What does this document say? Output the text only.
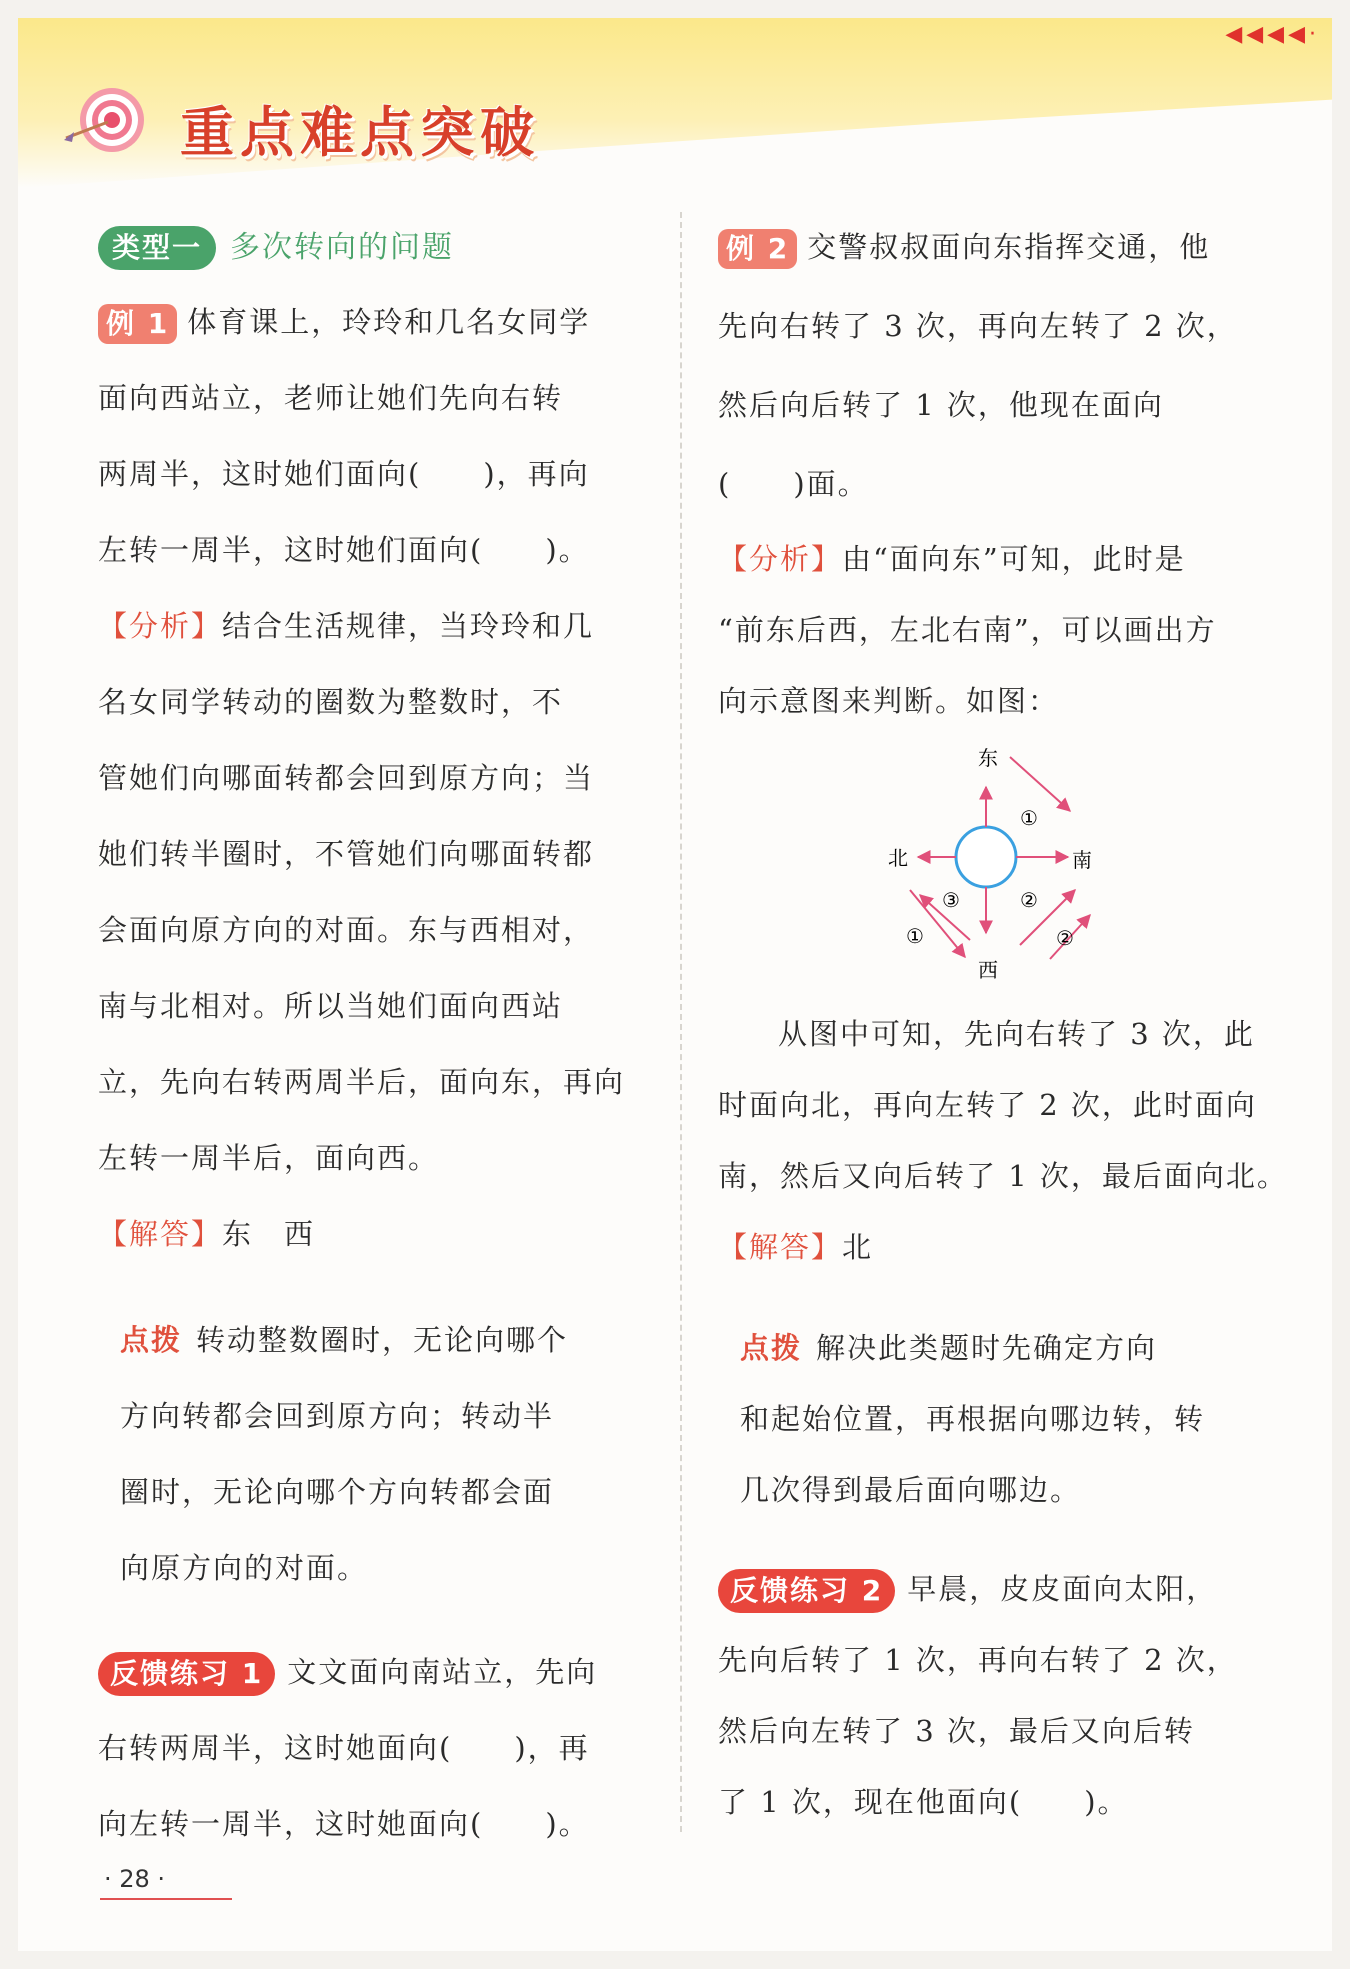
◀◀◀◀·
重点难点突破
类型一 多次转向的问题
例 1 体育课上，玲玲和几名女同学
面向西站立，老师让她们先向右转
两周半，这时她们面向(　　)，再向
左转一周半，这时她们面向(　　)。
【分析】结合生活规律，当玲玲和几
名女同学转动的圈数为整数时，不
管她们向哪面转都会回到原方向；当
她们转半圈时，不管她们向哪面转都
会面向原方向的对面。东与西相对，
南与北相对。所以当她们面向西站
立，先向右转两周半后，面向东，再向
左转一周半后，面向西。
【解答】东　西
点拨 转动整数圈时，无论向哪个
方向转都会回到原方向；转动半
圈时，无论向哪个方向转都会面
向原方向的对面。
反馈练习 1 文文面向南站立，先向
右转两周半，这时她面向(　　)，再
向左转一周半，这时她面向(　　)。
例 2 交警叔叔面向东指挥交通，他
先向右转了 3 次，再向左转了 2 次，
然后向后转了 1 次，他现在面向
(　　)面。
【分析】由“面向东”可知，此时是
“前东后西，左北右南”，可以画出方
向示意图来判断。如图：
从图中可知，先向右转了 3 次，此
时面向北，再向左转了 2 次，此时面向
南，然后又向后转了 1 次，最后面向北。
【解答】北
点拨 解决此类题时先确定方向
和起始位置，再根据向哪边转，转
几次得到最后面向哪边。
反馈练习 2 早晨，皮皮面向太阳，
先向后转了 1 次，再向右转了 2 次，
然后向左转了 3 次，最后又向后转
了 1 次，现在他面向(　　)。
东
西
北	南
①
②
③
①	②
· 28 ·
